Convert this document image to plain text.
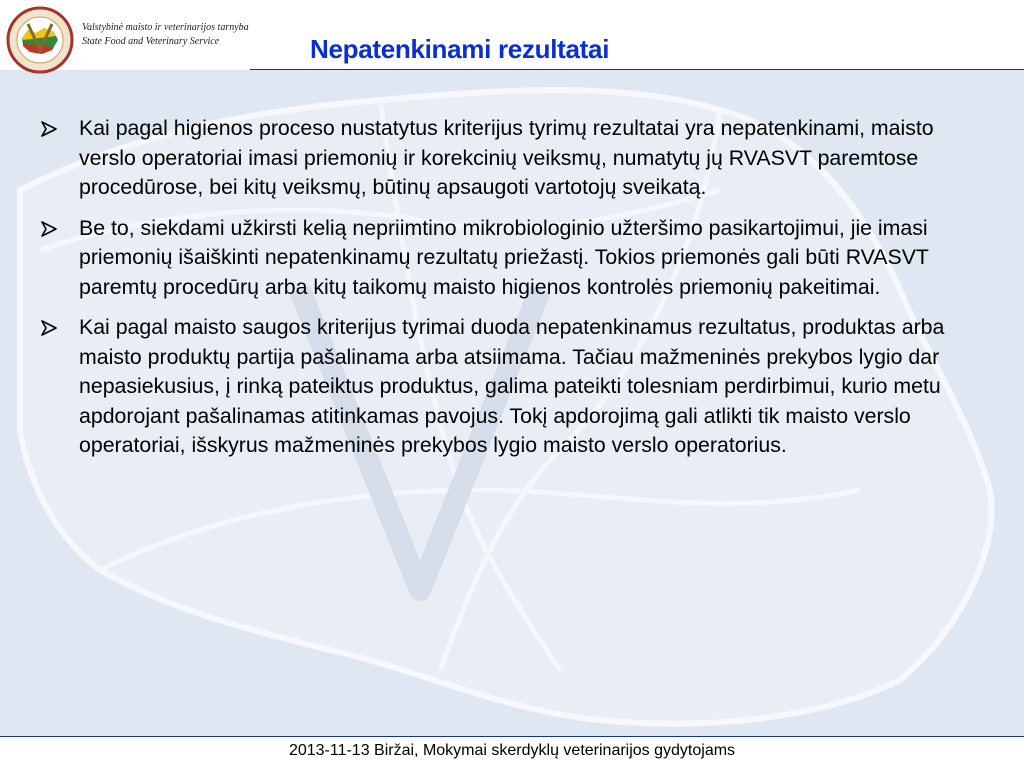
Valstybinė maisto ir veterinarijos tarnyba
State Food and Veterinary Service	Nepatenkinami rezultatai
Kai pagal higienos proceso nustatytus kriterijus tyrimų rezultatai yra nepatenkinami, maisto verslo operatoriai imasi priemonių ir korekcinių veiksmų, numatytų jų RVASVT paremtose procedūrose, bei kitų veiksmų, būtinų apsaugoti vartotojų sveikatą.
Be to, siekdami užkirsti kelią nepriimtino mikrobiologinio užteršimo pasikartojimui, jie imasi priemonių išaiškinti nepatenkinamų rezultatų priežastį. Tokios priemonės gali būti RVASVT paremtų procedūrų arba kitų taikomų maisto higienos kontrolės priemonių pakeitimai.
Kai pagal maisto saugos kriterijus tyrimai duoda nepatenkinamus rezultatus, produktas arba maisto produktų partija pašalinama arba atsiimama. Tačiau mažmeninės prekybos lygio dar nepasiekusius, į rinką pateiktus produktus, galima pateikti tolesniam perdirbimui, kurio metu apdorojant pašalinamas atitinkamas pavojus. Tokį apdorojimą gali atlikti tik maisto verslo operatoriai, išskyrus mažmeninės prekybos lygio maisto verslo operatorius.
2013-11-13 Biržai, Mokymai skerdyklų veterinarijos gydytojams
